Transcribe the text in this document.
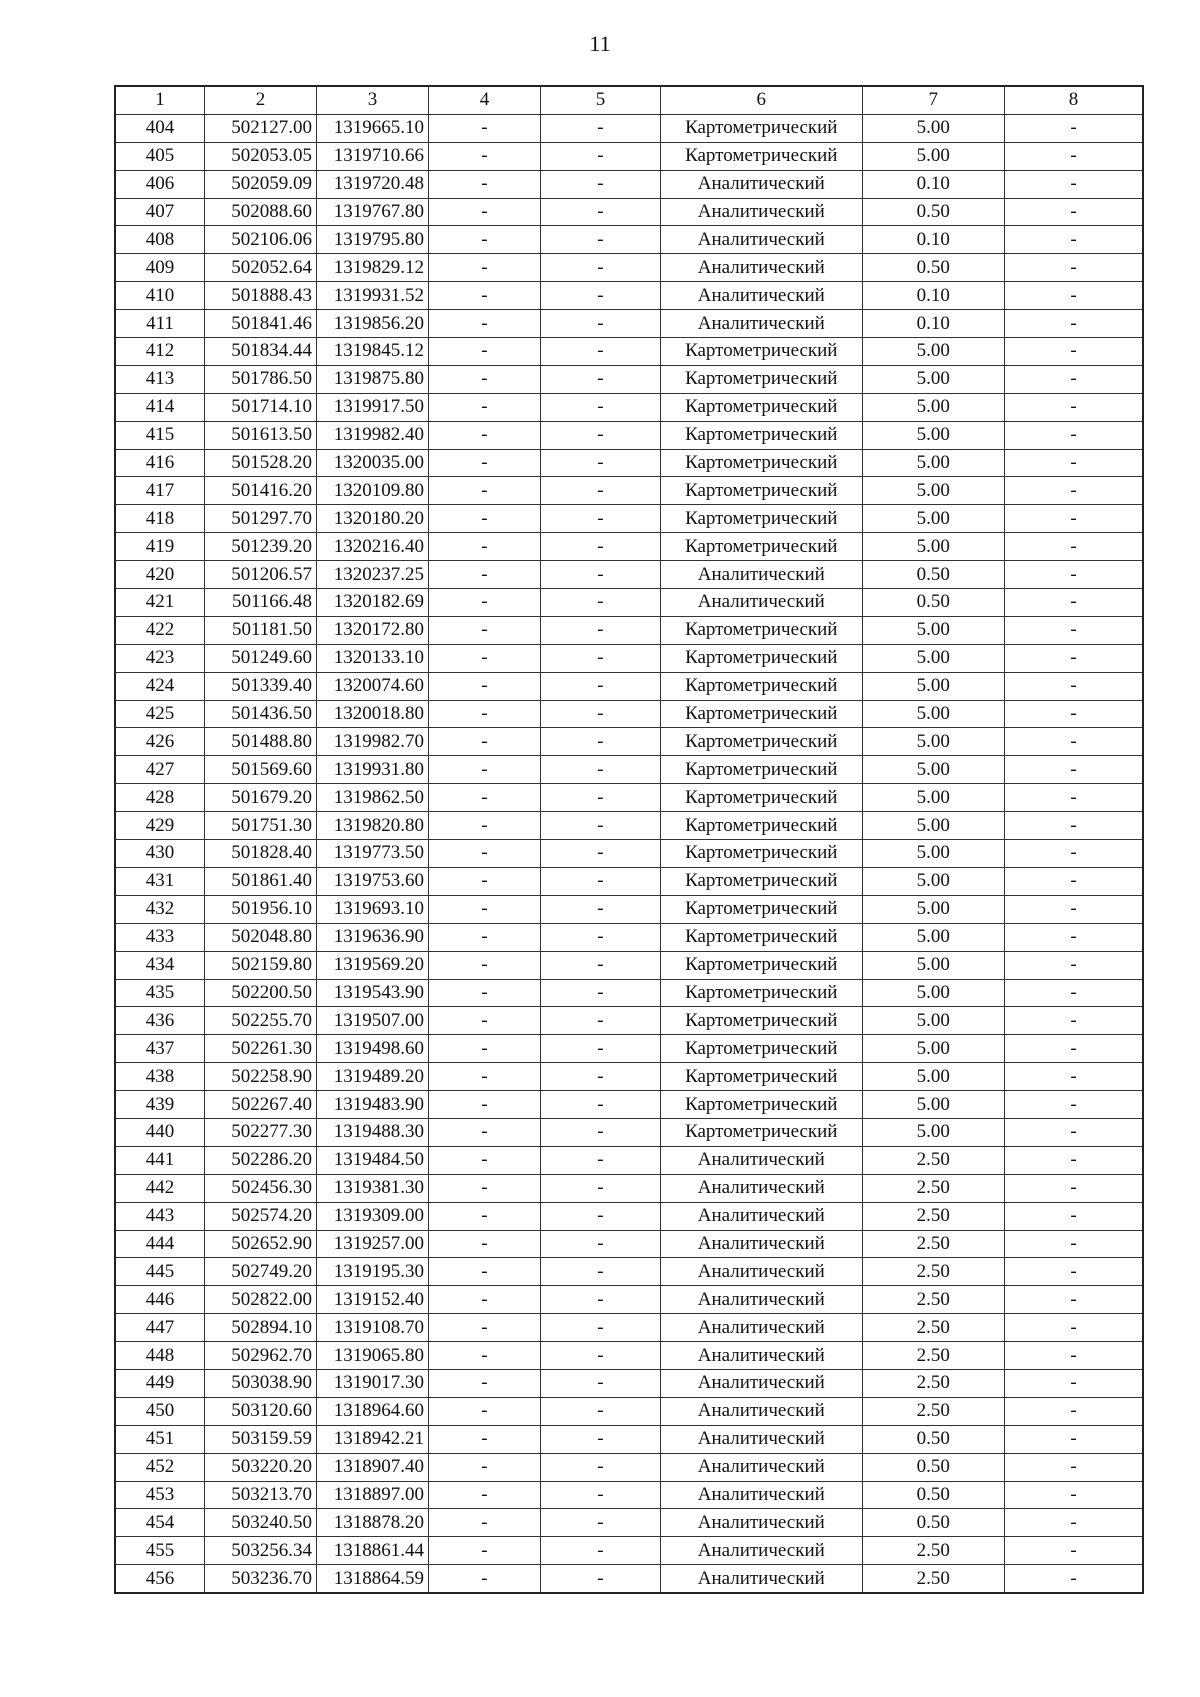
11
1	2	3	4	5	6	7	8
404	502127.00	1319665.10	-	-	Картометрический	5.00	-
405	502053.05	1319710.66	-	-	Картометрический	5.00	-
406	502059.09	1319720.48	-	-	Аналитический	0.10	-
407	502088.60	1319767.80	-	-	Аналитический	0.50	-
408	502106.06	1319795.80	-	-	Аналитический	0.10	-
409	502052.64	1319829.12	-	-	Аналитический	0.50	-
410	501888.43	1319931.52	-	-	Аналитический	0.10	-
411	501841.46	1319856.20	-	-	Аналитический	0.10	-
412	501834.44	1319845.12	-	-	Картометрический	5.00	-
413	501786.50	1319875.80	-	-	Картометрический	5.00	-
414	501714.10	1319917.50	-	-	Картометрический	5.00	-
415	501613.50	1319982.40	-	-	Картометрический	5.00	-
416	501528.20	1320035.00	-	-	Картометрический	5.00	-
417	501416.20	1320109.80	-	-	Картометрический	5.00	-
418	501297.70	1320180.20	-	-	Картометрический	5.00	-
419	501239.20	1320216.40	-	-	Картометрический	5.00	-
420	501206.57	1320237.25	-	-	Аналитический	0.50	-
421	501166.48	1320182.69	-	-	Аналитический	0.50	-
422	501181.50	1320172.80	-	-	Картометрический	5.00	-
423	501249.60	1320133.10	-	-	Картометрический	5.00	-
424	501339.40	1320074.60	-	-	Картометрический	5.00	-
425	501436.50	1320018.80	-	-	Картометрический	5.00	-
426	501488.80	1319982.70	-	-	Картометрический	5.00	-
427	501569.60	1319931.80	-	-	Картометрический	5.00	-
428	501679.20	1319862.50	-	-	Картометрический	5.00	-
429	501751.30	1319820.80	-	-	Картометрический	5.00	-
430	501828.40	1319773.50	-	-	Картометрический	5.00	-
431	501861.40	1319753.60	-	-	Картометрический	5.00	-
432	501956.10	1319693.10	-	-	Картометрический	5.00	-
433	502048.80	1319636.90	-	-	Картометрический	5.00	-
434	502159.80	1319569.20	-	-	Картометрический	5.00	-
435	502200.50	1319543.90	-	-	Картометрический	5.00	-
436	502255.70	1319507.00	-	-	Картометрический	5.00	-
437	502261.30	1319498.60	-	-	Картометрический	5.00	-
438	502258.90	1319489.20	-	-	Картометрический	5.00	-
439	502267.40	1319483.90	-	-	Картометрический	5.00	-
440	502277.30	1319488.30	-	-	Картометрический	5.00	-
441	502286.20	1319484.50	-	-	Аналитический	2.50	-
442	502456.30	1319381.30	-	-	Аналитический	2.50	-
443	502574.20	1319309.00	-	-	Аналитический	2.50	-
444	502652.90	1319257.00	-	-	Аналитический	2.50	-
445	502749.20	1319195.30	-	-	Аналитический	2.50	-
446	502822.00	1319152.40	-	-	Аналитический	2.50	-
447	502894.10	1319108.70	-	-	Аналитический	2.50	-
448	502962.70	1319065.80	-	-	Аналитический	2.50	-
449	503038.90	1319017.30	-	-	Аналитический	2.50	-
450	503120.60	1318964.60	-	-	Аналитический	2.50	-
451	503159.59	1318942.21	-	-	Аналитический	0.50	-
452	503220.20	1318907.40	-	-	Аналитический	0.50	-
453	503213.70	1318897.00	-	-	Аналитический	0.50	-
454	503240.50	1318878.20	-	-	Аналитический	0.50	-
455	503256.34	1318861.44	-	-	Аналитический	2.50	-
456	503236.70	1318864.59	-	-	Аналитический	2.50	-
